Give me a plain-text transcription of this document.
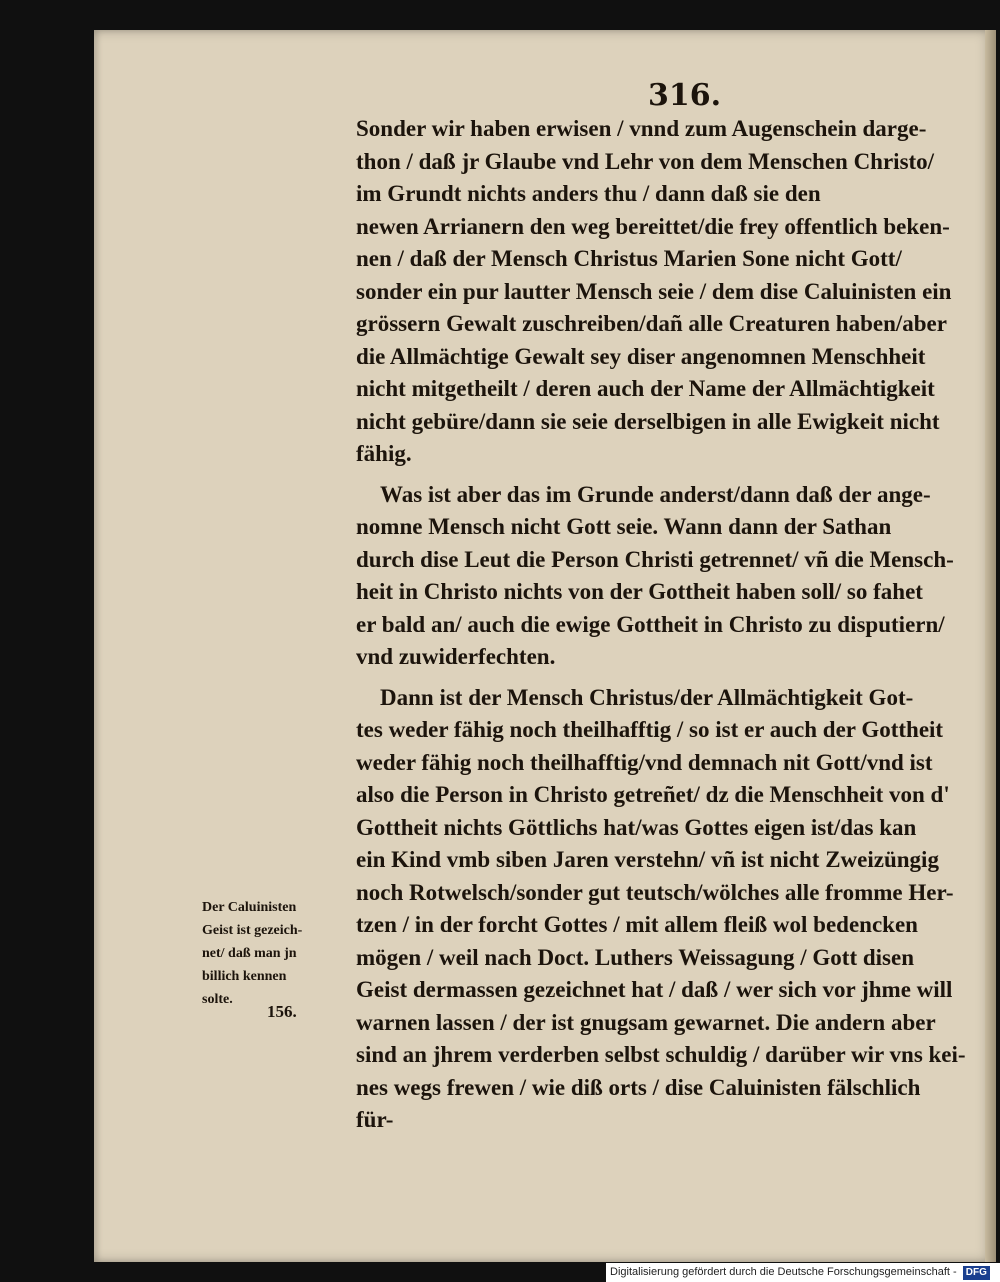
316.
Sonder wir haben erwisen / vnnd zum Augenschein darge-
thon / daß jr Glaube vnd Lehr von dem Menschen Christo/
im Grundt nichts anders thu / dann daß sie den
newen Arrianern den weg bereittet/die frey offentlich beken-
nen / daß der Mensch Christus Marien Sone nicht Gott/
sonder ein pur lautter Mensch seie / dem dise Caluinisten ein
grössern Gewalt zuschreiben/dañ alle Creaturen haben/aber
die Allmächtige Gewalt sey diser angenomnen Menschheit
nicht mitgetheilt / deren auch der Name der Allmächtigkeit
nicht gebüre/dann sie seie derselbigen in alle Ewigkeit nicht
fähig.
Was ist aber das im Grunde anderst/dann daß der ange-
nomne Mensch nicht Gott seie. Wann dann der Sathan
durch dise Leut die Person Christi getrennet/ vñ die Mensch-
heit in Christo nichts von der Gottheit haben soll/ so fahet
er bald an/ auch die ewige Gottheit in Christo zu disputiern/
vnd zuwiderfechten.
Dann ist der Mensch Christus/der Allmächtigkeit Got-
tes weder fähig noch theilhafftig / so ist er auch der Gottheit
weder fähig noch theilhafftig/vnd demnach nit Gott/vnd ist
also die Person in Christo getreñet/ dz die Menschheit von d'
Gottheit nichts Göttlichs hat/was Gottes eigen ist/das kan
ein Kind vmb siben Jaren verstehn/ vñ ist nicht Zweizüngig
noch Rotwelsch/sonder gut teutsch/wölches alle fromme Her-
tzen / in der forcht Gottes / mit allem fleiß wol bedencken
mögen / weil nach Doct. Luthers Weissagung / Gott disen
Geist dermassen gezeichnet hat / daß / wer sich vor jhme will
warnen lassen / der ist gnugsam gewarnet. Die andern aber
sind an jhrem verderben selbst schuldig / darüber wir vns kei-
nes wegs frewen / wie diß orts / dise Caluinisten fälschlich
für-
Der Caluinisten
Geist ist gezeich-
net/ daß man jn
billich kennen
solte.
156.
Digitalisierung gefördert durch die Deutsche Forschungsgemeinschaft - DFG
